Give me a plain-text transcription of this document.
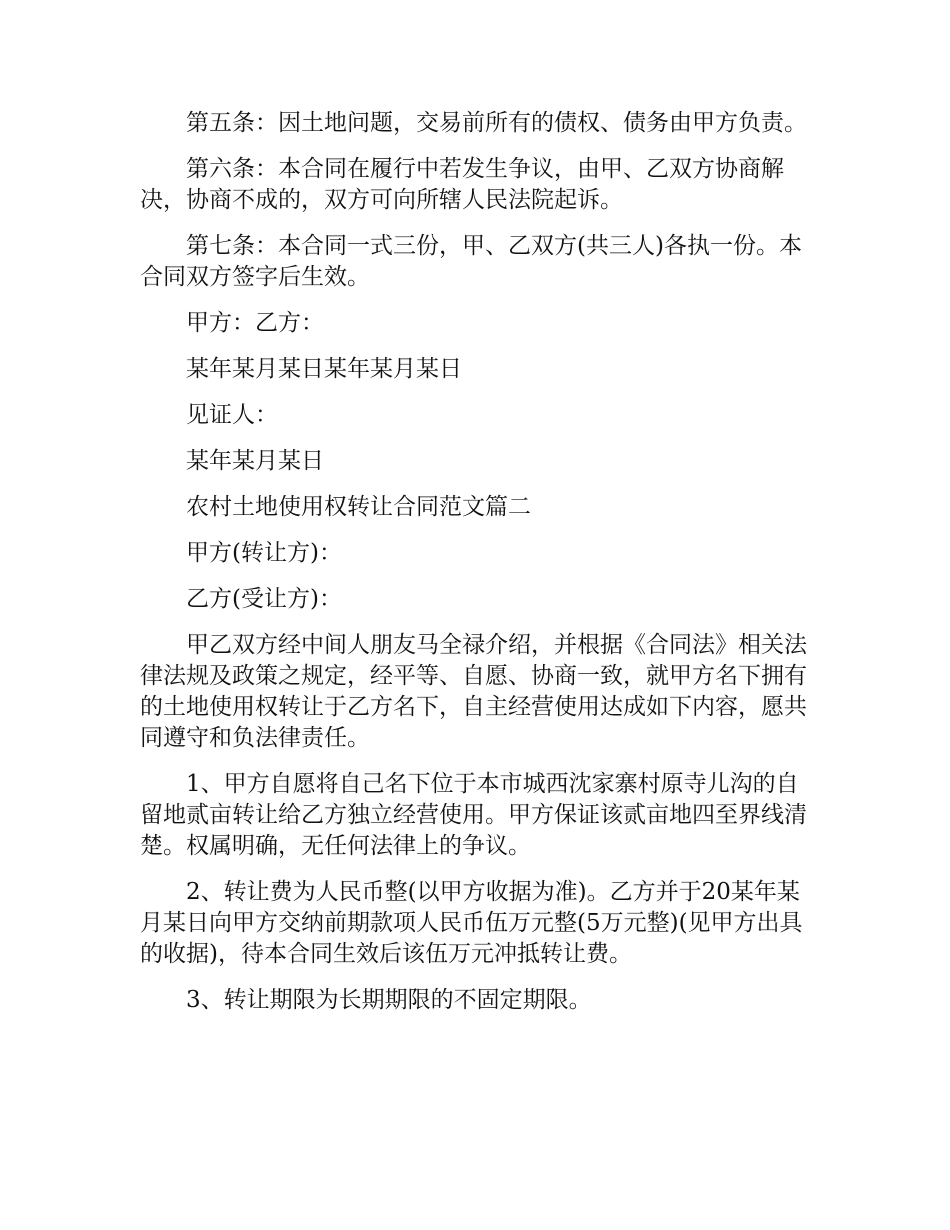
第五条：因土地问题，交易前所有的债权、债务由甲方负责。

第六条：本合同在履行中若发生争议，由甲、乙双方协商解决，协商不成的，双方可向所辖人民法院起诉。

第七条：本合同一式三份，甲、乙双方(共三人)各执一份。本合同双方签字后生效。

甲方：乙方：

某年某月某日某年某月某日

见证人：

某年某月某日

农村土地使用权转让合同范文篇二

甲方(转让方)：

乙方(受让方)：

甲乙双方经中间人朋友马全禄介绍，并根据《合同法》相关法律法规及政策之规定，经平等、自愿、协商一致，就甲方名下拥有的土地使用权转让于乙方名下，自主经营使用达成如下内容，愿共同遵守和负法律责任。

1、甲方自愿将自己名下位于本市城西沈家寨村原寺儿沟的自留地贰亩转让给乙方独立经营使用。甲方保证该贰亩地四至界线清楚。权属明确，无任何法律上的争议。

2、转让费为人民币整(以甲方收据为准)。乙方并于20某年某月某日向甲方交纳前期款项人民币伍万元整(5万元整)(见甲方出具的收据)，待本合同生效后该伍万元冲抵转让费。

3、转让期限为长期期限的不固定期限。
